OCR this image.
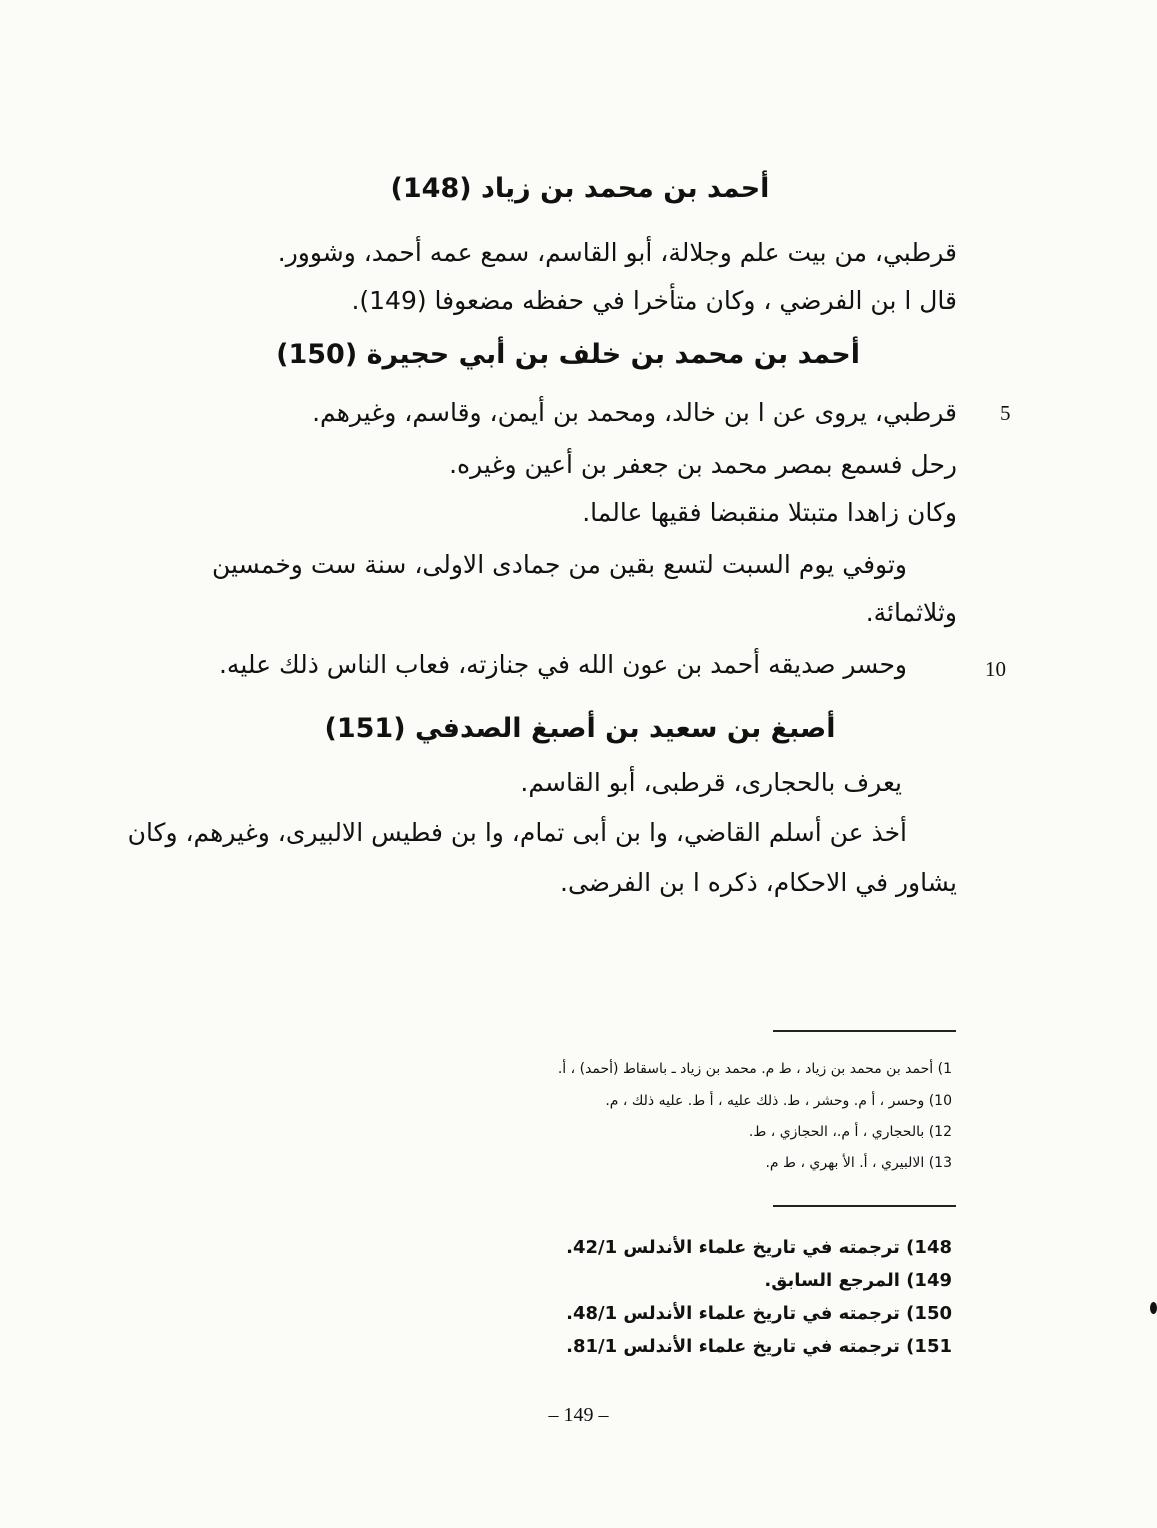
أحمد بن محمد بن زياد (148)
قرطبي، من بيت علم وجلالة، أبو القاسم، سمع عمه أحمد، وشوور.
قال ا بن الفرضي ، وكان متأخرا في حفظه مضعوفا (149).
أحمد بن محمد بن خلف بن أبي حجيرة (150)
5
قرطبي، يروى عن ا بن خالد، ومحمد بن أيمن، وقاسم، وغيرهم.
رحل فسمع بمصر محمد بن جعفر بن أعين وغيره.
وكان زاهدا متبتلا منقبضا فقيها عالما.
وتوفي يوم السبت لتسع بقين من جمادى الاولى، سنة ست وخمسين
وثلاثمائة.
10
وحسر صديقه أحمد بن عون الله في جنازته، فعاب الناس ذلك عليه.
أصبغ بن سعيد بن أصبغ الصدفي (151)
يعرف بالحجارى، قرطبى، أبو القاسم.
أخذ عن أسلم القاضي، وا بن أبى تمام، وا بن فطيس الالبيرى، وغيرهم، وكان
يشاور في الاحكام، ذكره ا بن الفرضى.
1) أحمد بن محمد بن زياد ، ط م. محمد بن زياد ـ باسقاط (أحمد) ، أ.
10) وحسر ، أ م. وحشر ، ط. ذلك عليه ، أ ط. عليه ذلك ، م.
12) بالحجاري ، أ م.، الحجازي ، ط.
13) الالبيري ، أ. الأ بهري ، ط م.
148) ترجمته في تاريخ علماء الأندلس 42/1.
149) المرجع السابق.
150) ترجمته في تاريخ علماء الأندلس 48/1.
151) ترجمته في تاريخ علماء الأندلس 81/1.
– 149 –
